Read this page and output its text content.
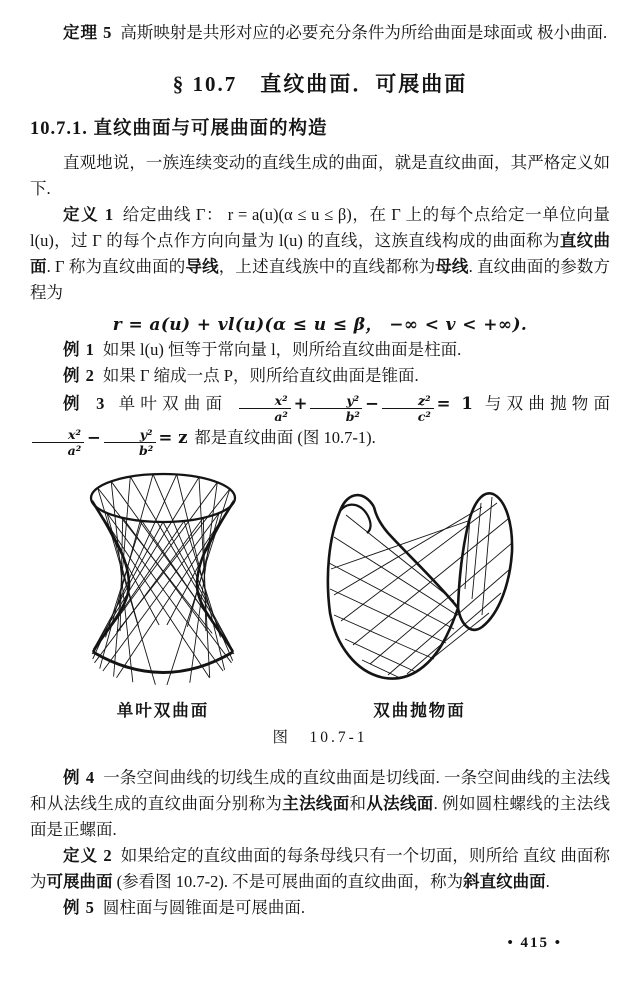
定理 5 高斯映射是共形对应的必要充分条件为所给曲面是球面或 极小曲面.

§ 10.7　直纹曲面．可展曲面
10.7.1. 直纹曲面与可展曲面的构造

直观地说，一族连续变动的直线生成的曲面，就是直纹曲面，其严格定义如下.

定义 1 给定曲线 Γ： r = a(u)(α ≤ u ≤ β)，在 Γ 上的每个点给定一单位向量 l(u)，过 Γ 的每个点作方向向量为 l(u) 的直线，这族直线构成的曲面称为直纹曲面. Γ 称为直纹曲面的导线，上述直线族中的直线都称为母线. 直纹曲面的参数方程为

r = a(u) + vl(u)(α ≤ u ≤ β， −∞ < v < +∞).

例 1 如果 l(u) 恒等于常向量 l，则所给直纹曲面是柱面.

例 2 如果 Γ 缩成一点 P，则所给直纹曲面是锥面.

例 3 单叶双曲面 $\frac{\text{x²}}{\text{a²}} + \frac{\text{y²}}{\text{b²}} - \frac{\text{z²}}{\text{c²}} = 1$ 与双曲抛物面
$\frac{\text{x²}}{\text{a²}} - \frac{\text{y²}}{\text{b²}} = z$ 都是直纹曲面 (图 10.7-1).

单叶双曲面	双曲抛物面
图　10.7-1

例 4 一条空间曲线的切线生成的直纹曲面是切线面. 一条空间曲线的主法线和从法线生成的直纹曲面分别称为主法线面和从法线面. 例如圆柱螺线的主法线面是正螺面.

定义 2 如果给定的直纹曲面的每条母线只有一个切面，则所给 直纹 曲面称为可展曲面 (参看图 10.7-2). 不是可展曲面的直纹曲面，称为斜直纹曲面.

例 5 圆柱面与圆锥面是可展曲面.

• 415 •
